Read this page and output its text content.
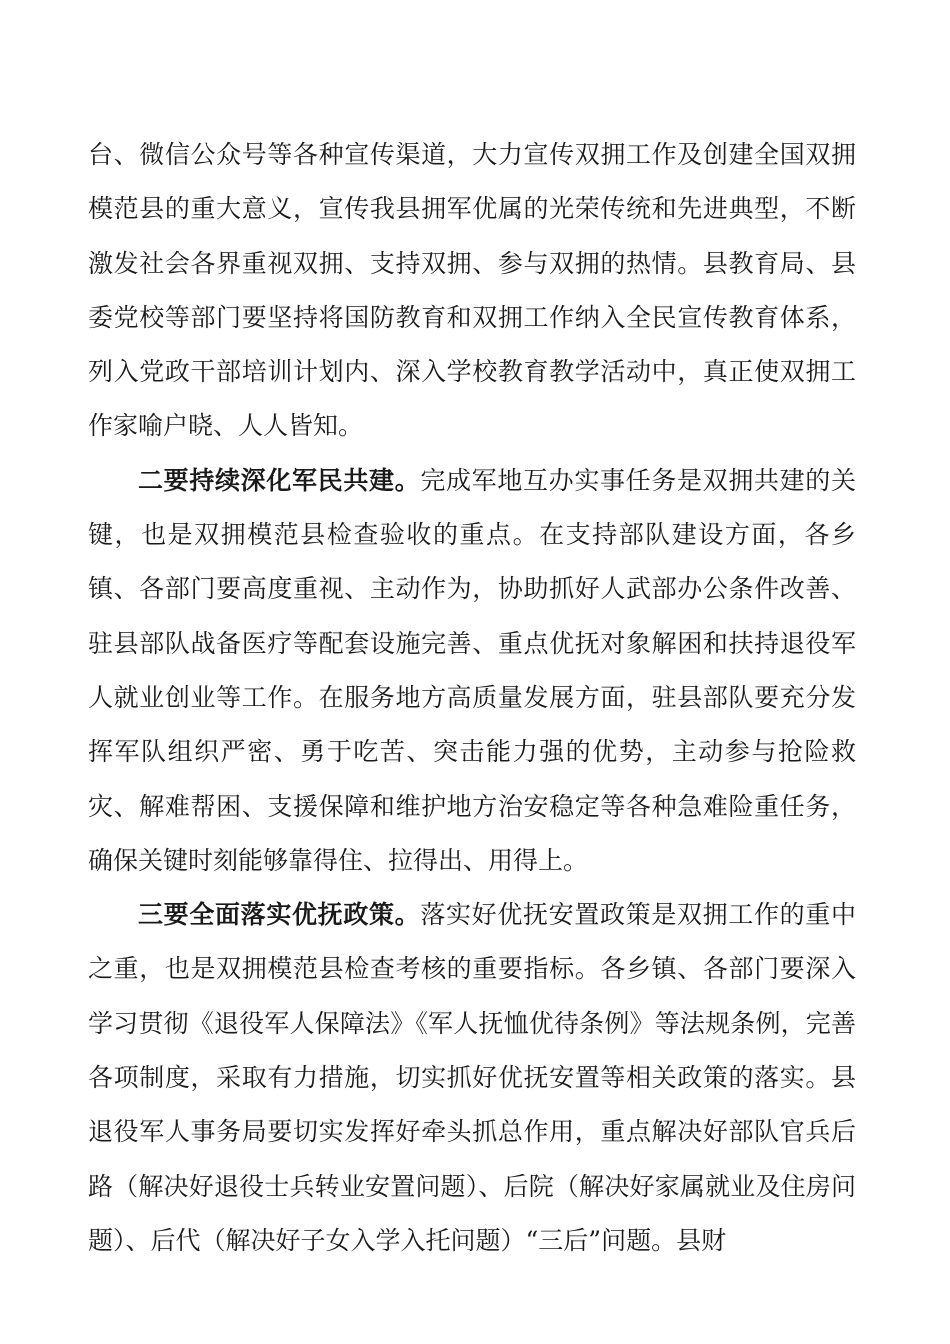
台、微信公众号等各种宣传渠道，大力宣传双拥工作及创建全国双拥模范县的重大意义，宣传我县拥军优属的光荣传统和先进典型，不断激发社会各界重视双拥、支持双拥、参与双拥的热情。县教育局、县委党校等部门要坚持将国防教育和双拥工作纳入全民宣传教育体系，列入党政干部培训计划内、深入学校教育教学活动中，真正使双拥工作家喻户晓、人人皆知。

二要持续深化军民共建。完成军地互办实事任务是双拥共建的关键，也是双拥模范县检查验收的重点。在支持部队建设方面，各乡镇、各部门要高度重视、主动作为，协助抓好人武部办公条件改善、驻县部队战备医疗等配套设施完善、重点优抚对象解困和扶持退役军人就业创业等工作。在服务地方高质量发展方面，驻县部队要充分发挥军队组织严密、勇于吃苦、突击能力强的优势，主动参与抢险救灾、解难帮困、支援保障和维护地方治安稳定等各种急难险重任务，确保关键时刻能够靠得住、拉得出、用得上。

三要全面落实优抚政策。落实好优抚安置政策是双拥工作的重中之重，也是双拥模范县检查考核的重要指标。各乡镇、各部门要深入学习贯彻《退役军人保障法》《军人抚恤优待条例》等法规条例，完善各项制度，采取有力措施，切实抓好优抚安置等相关政策的落实。县退役军人事务局要切实发挥好牵头抓总作用，重点解决好部队官兵后路（解决好退役士兵转业安置问题）、后院（解决好家属就业及住房问题）、后代（解决好子女入学入托问题）“三后”问题。县财
